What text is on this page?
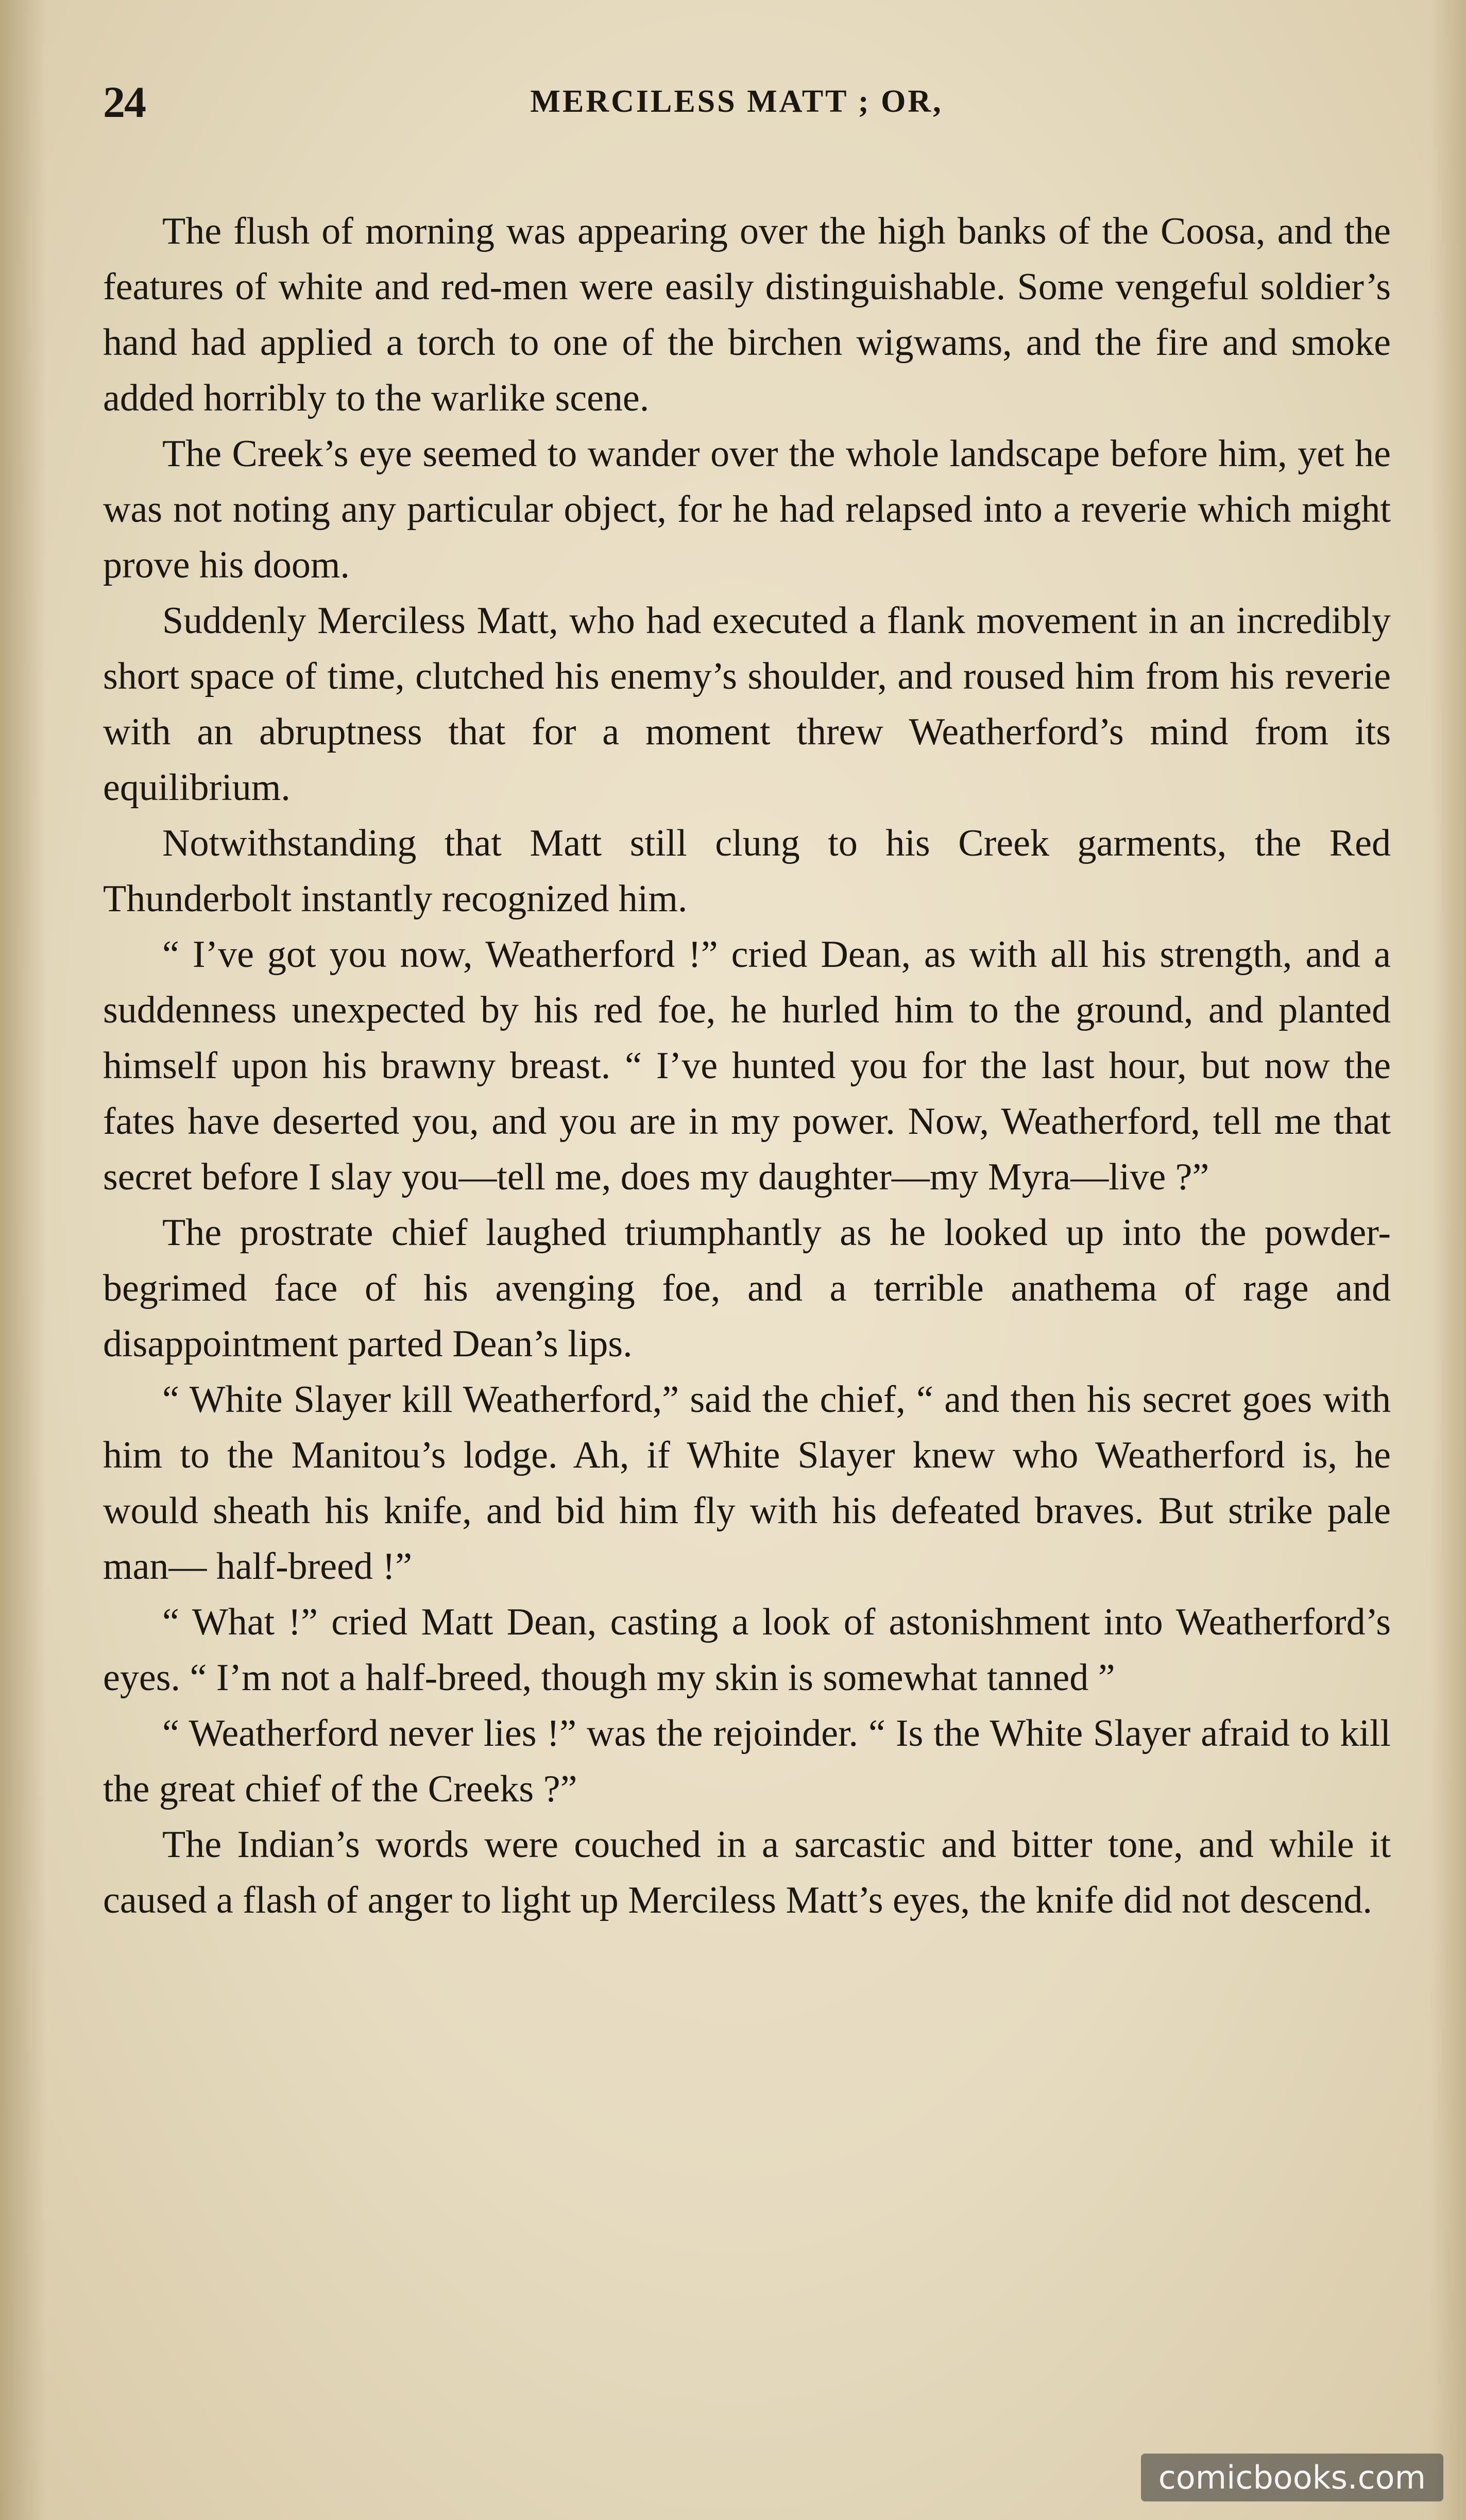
24	MERCILESS MATT ; OR,

The flush of morning was appearing over the high banks of the Coosa, and the features of white and red-men were easily distinguishable. Some vengeful soldier’s hand had applied a torch to one of the birchen wigwams, and the fire and smoke added horribly to the warlike scene.

The Creek’s eye seemed to wander over the whole landscape before him, yet he was not noting any particular object, for he had relapsed into a reverie which might prove his doom.

Suddenly Merciless Matt, who had executed a flank movement in an incredibly short space of time, clutched his enemy’s shoulder, and roused him from his reverie with an abruptness that for a moment threw Weatherford’s mind from its equilibrium.

Notwithstanding that Matt still clung to his Creek garments, the Red Thunderbolt instantly recognized him.

“ I’ve got you now, Weatherford !” cried Dean, as with all his strength, and a suddenness unexpected by his red foe, he hurled him to the ground, and planted himself upon his brawny breast. “ I’ve hunted you for the last hour, but now the fates have deserted you, and you are in my power. Now, Weatherford, tell me that secret before I slay you—tell me, does my daughter—my Myra—live ?”

The prostrate chief laughed triumphantly as he looked up into the powder-begrimed face of his avenging foe, and a terrible anathema of rage and disappointment parted Dean’s lips.

“ White Slayer kill Weatherford,” said the chief, “ and then his secret goes with him to the Manitou’s lodge. Ah, if White Slayer knew who Weatherford is, he would sheath his knife, and bid him fly with his defeated braves. But strike pale man— half-breed !”

“ What !” cried Matt Dean, casting a look of astonishment into Weatherford’s eyes. “ I’m not a half-breed, though my skin is somewhat tanned ”

“ Weatherford never lies !” was the rejoinder. “ Is the White Slayer afraid to kill the great chief of the Creeks ?”

The Indian’s words were couched in a sarcastic and bitter tone, and while it caused a flash of anger to light up Merciless Matt’s eyes, the knife did not descend.

comicbooks.com
